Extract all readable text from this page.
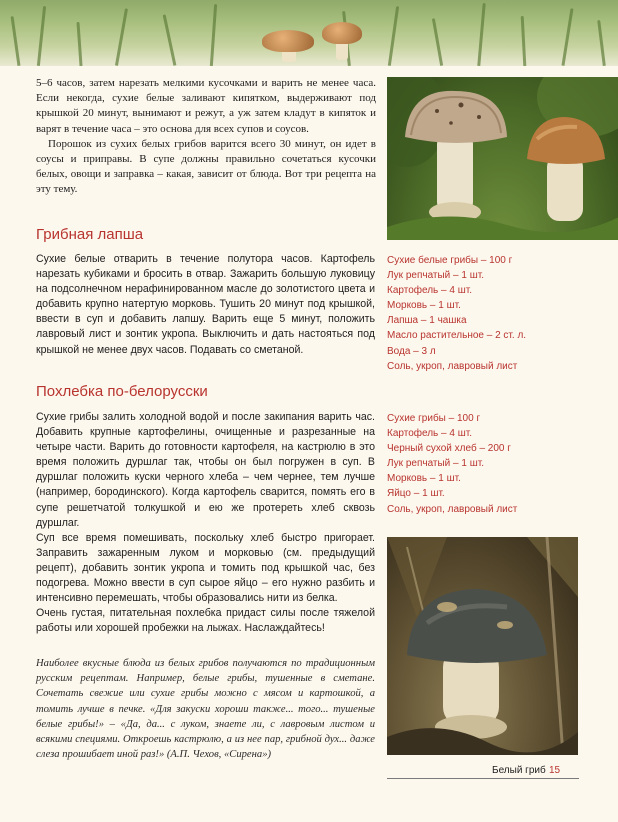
5–6 часов, затем нарезать мелкими кусочками и варить не менее часа. Если некогда, сухие белые заливают кипятком, выдерживают под крышкой 20 минут, вынимают и режут, а уж затем кладут в кипяток и варят в течение часа – это основа для всех супов и соусов.

Порошок из сухих белых грибов варится всего 30 минут, он идет в соусы и приправы. В супе должны правильно сочетаться кусочки белых, овощи и заправка – какая, зависит от блюда. Вот три рецепта на эту тему.

Грибная лапша

Сухие белые отварить в течение полутора часов. Картофель нарезать кубиками и бросить в отвар. Зажарить большую луковицу на подсолнечном нерафинированном масле до золотистого цвета и добавить крупно натертую морковь. Тушить 20 минут под крышкой, ввести в суп и добавить лапшу. Варить еще 5 минут, положить лавровый лист и зонтик укропа. Выключить и дать настояться под крышкой не менее двух часов. Подавать со сметаной.

Сухие белые грибы – 100 г
Лук репчатый – 1 шт.
Картофель – 4 шт.
Морковь – 1 шт.
Лапша – 1 чашка
Масло растительное – 2 ст. л.
Вода – 3 л
Соль, укроп, лавровый лист
Похлебка по-белорусски

Сухие грибы залить холодной водой и после закипания варить час. Добавить крупные картофелины, очищенные и разрезанные на четыре части. Варить до готовности картофеля, на кастрюлю в это время положить дуршлаг так, чтобы он был погружен в суп. В дуршлаг положить куски черного хлеба – чем чернее, тем лучше (например, бородинского). Когда картофель сварится, помять его в супе решетчатой толкушкой и ею же протереть хлеб сквозь дуршлаг.

Суп все время помешивать, поскольку хлеб быстро пригорает. Заправить зажаренным луком и морковью (см. предыдущий рецепт), добавить зонтик укропа и томить под крышкой час, без подогрева. Можно ввести в суп сырое яйцо – его нужно разбить и интенсивно перемешать, чтобы образовались нити из белка.

Очень густая, питательная похлебка придаст силы после тяжелой работы или хорошей пробежки на лыжах. Наслаждайтесь!

Сухие грибы – 100 г
Картофель – 4 шт.
Черный сухой хлеб – 200 г
Лук репчатый – 1 шт.
Морковь – 1 шт.
Яйцо – 1 шт.
Соль, укроп, лавровый лист
Наиболее вкусные блюда из белых грибов получаются по традиционным русским рецептам. Например, белые грибы, тушенные в сметане. Сочетать свежие или сухие грибы можно с мясом и картошкой, а томить лучше в печке. «Для закуски хороши также... того... тушеные белые грибы!» – «Да, да... с луком, знаете ли, с лавровым листом и всякими специями. Откроешь кастрюлю, а из нее пар, грибной дух... даже слеза прошибает иной раз!» (А.П. Чехов, «Сирена»)
Белый гриб 15
